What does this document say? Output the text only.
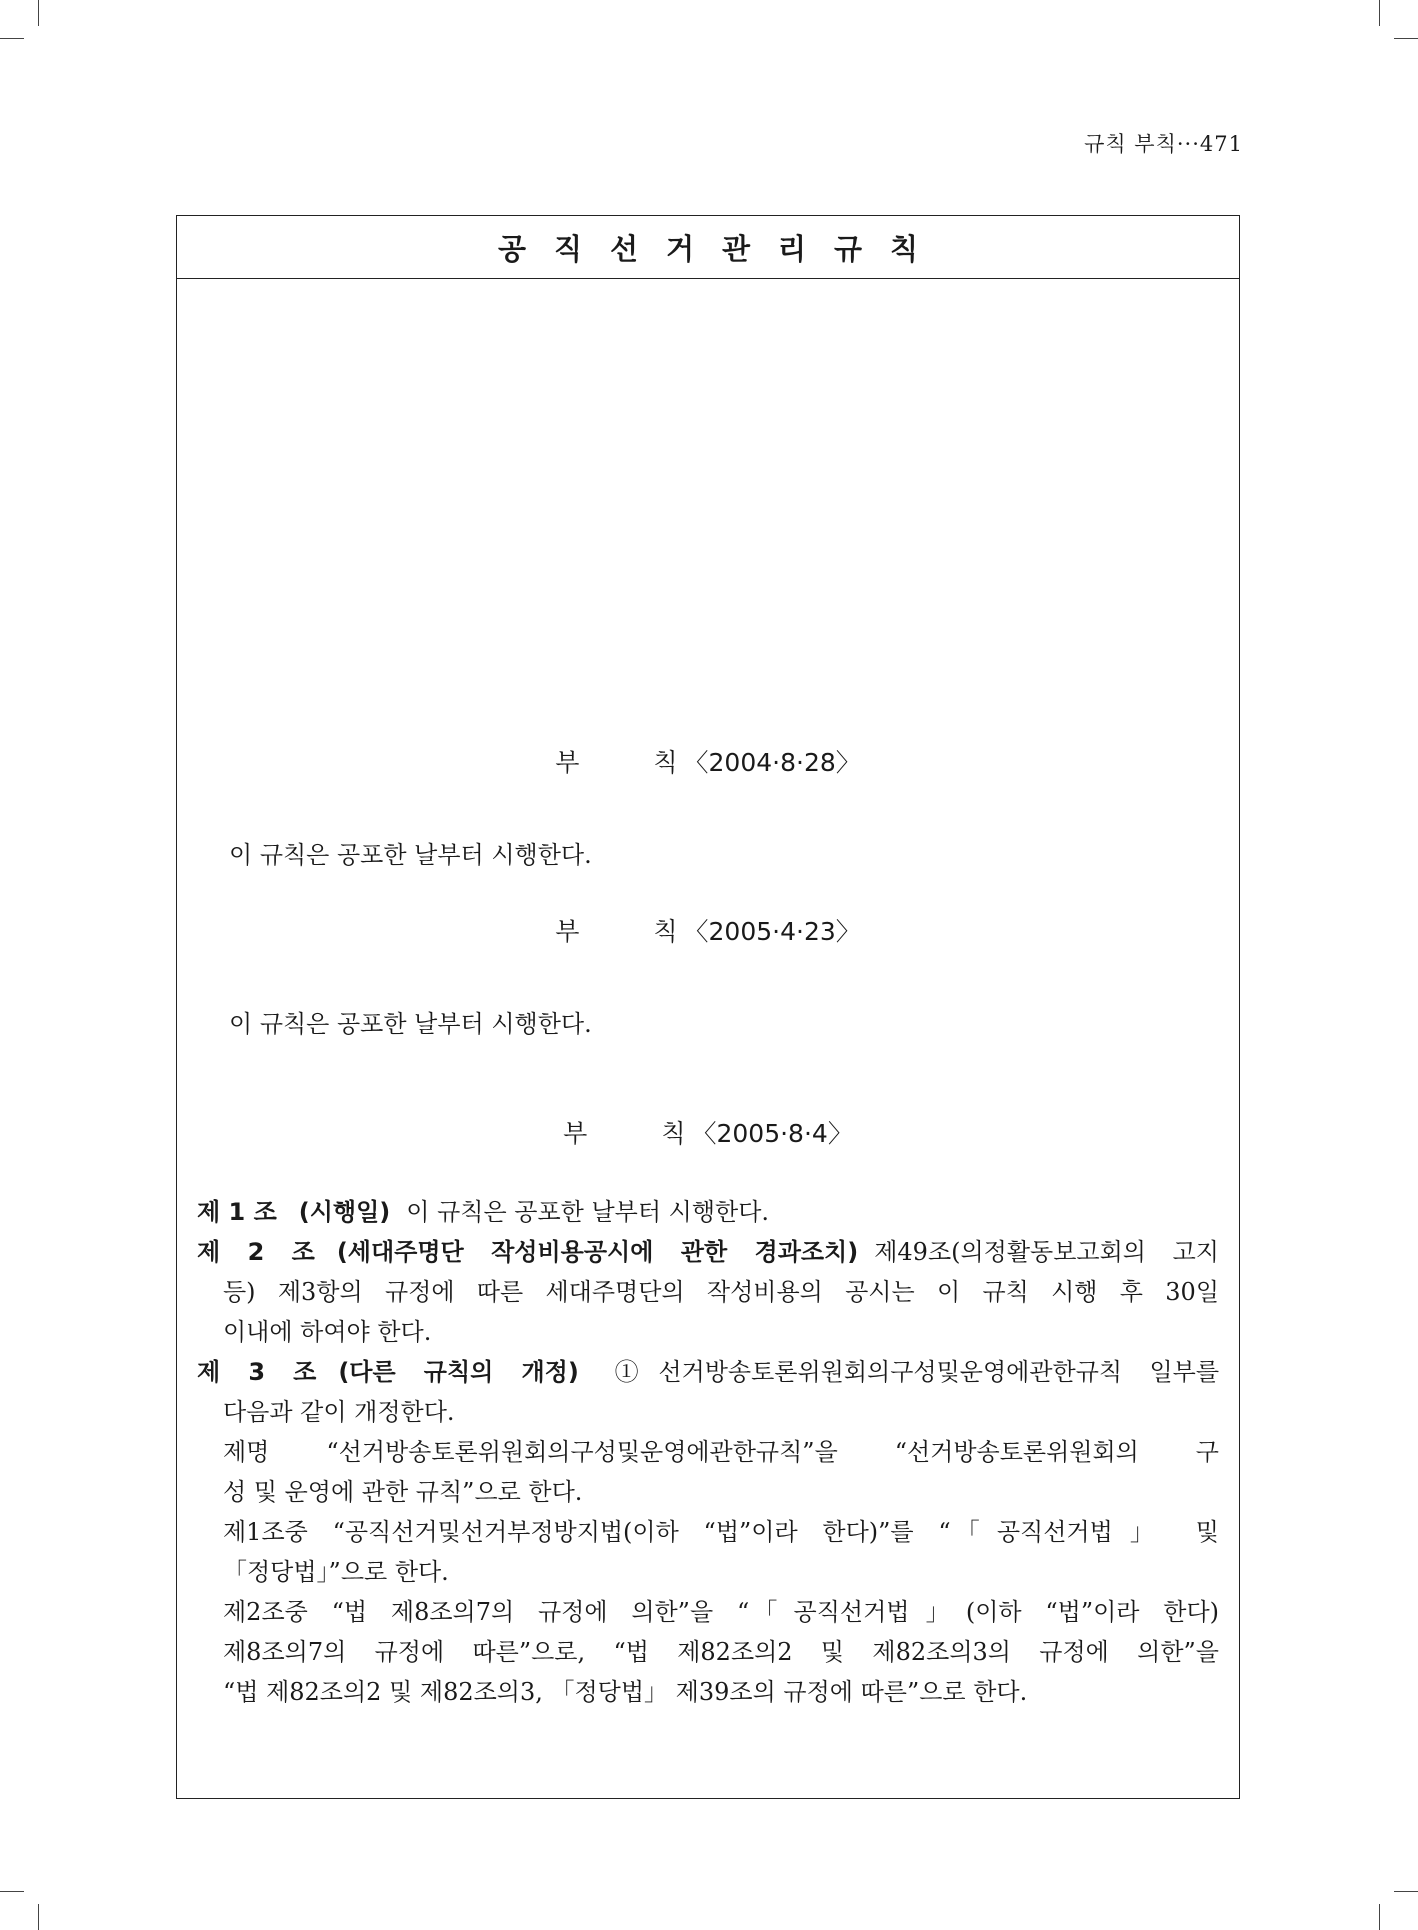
규칙 부칙···471
공직선거관리규칙
부	칙 〈2004·8·28〉
이 규칙은 공포한 날부터 시행한다.
부	칙 〈2005·4·23〉
이 규칙은 공포한 날부터 시행한다.
부	칙 〈2005·8·4〉
제 1 조 (시행일) 이 규칙은 공포한 날부터 시행한다.
제 2 조 (세대주명단 작성비용공시에 관한 경과조치) 제49조(의정활동보고회의 고지
등) 제3항의 규정에 따른 세대주명단의 작성비용의 공시는 이 규칙 시행 후 30일
이내에 하여야 한다.
제 3 조 (다른 규칙의 개정) ①선거방송토론위원회의구성및운영에관한규칙 일부를
다음과 같이 개정한다.
제명 “선거방송토론위원회의구성및운영에관한규칙”을 “선거방송토론위원회의 구
성 및 운영에 관한 규칙”으로 한다.
제1조중 “공직선거및선거부정방지법(이하 “법”이라 한다)”를 “「공직선거법」 및
「정당법」”으로 한다.
제2조중 “법 제8조의7의 규정에 의한”을 “「공직선거법」(이하 “법”이라 한다)
제8조의7의 규정에 따른”으로, “법 제82조의2 및 제82조의3의 규정에 의한”을
“법 제82조의2 및 제82조의3, 「정당법」 제39조의 규정에 따른”으로 한다.
